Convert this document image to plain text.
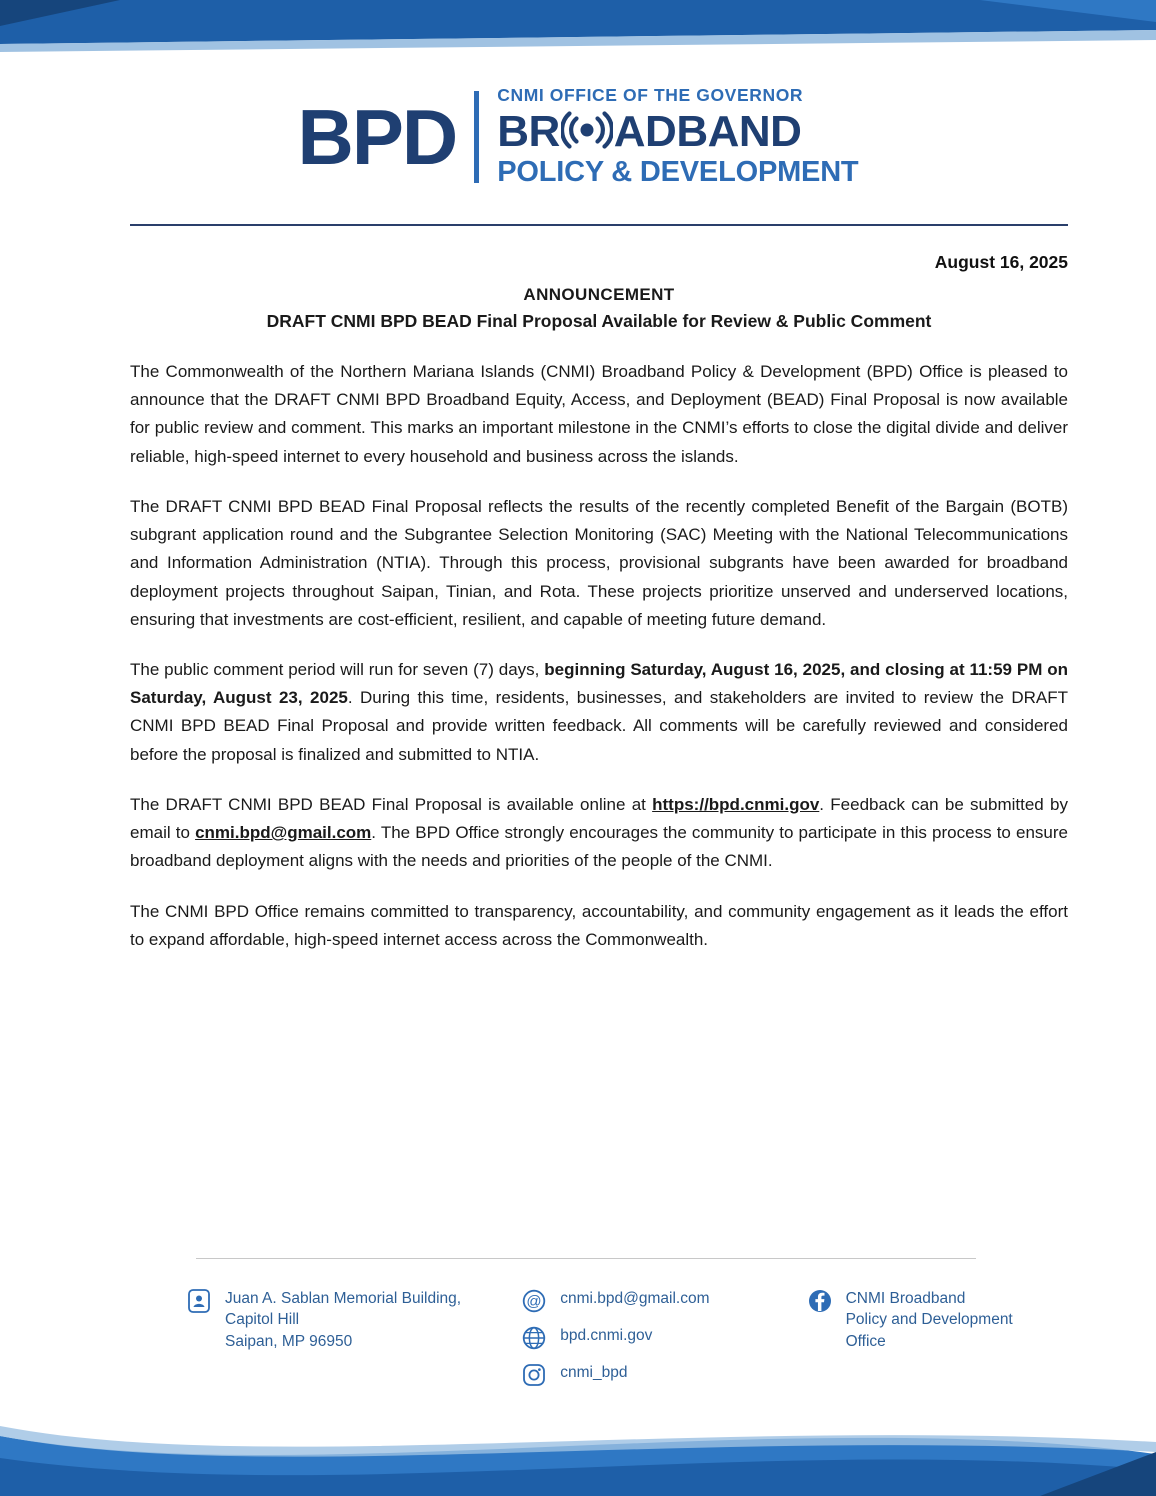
BPD CNMI OFFICE OF THE GOVERNOR
BR ADBAND
POLICY & DEVELOPMENT
August 16, 2025
ANNOUNCEMENT
DRAFT CNMI BPD BEAD Final Proposal Available for Review & Public Comment

The Commonwealth of the Northern Mariana Islands (CNMI) Broadband Policy & Development (BPD) Office is pleased to announce that the DRAFT CNMI BPD Broadband Equity, Access, and Deployment (BEAD) Final Proposal is now available for public review and comment. This marks an important milestone in the CNMI’s efforts to close the digital divide and deliver reliable, high-speed internet to every household and business across the islands.

The DRAFT CNMI BPD BEAD Final Proposal reflects the results of the recently completed Benefit of the Bargain (BOTB) subgrant application round and the Subgrantee Selection Monitoring (SAC) Meeting with the National Telecommunications and Information Administration (NTIA). Through this process, provisional subgrants have been awarded for broadband deployment projects throughout Saipan, Tinian, and Rota. These projects prioritize unserved and underserved locations, ensuring that investments are cost-efficient, resilient, and capable of meeting future demand.

The public comment period will run for seven (7) days, beginning Saturday, August 16, 2025, and closing at 11:59 PM on Saturday, August 23, 2025. During this time, residents, businesses, and stakeholders are invited to review the DRAFT CNMI BPD BEAD Final Proposal and provide written feedback. All comments will be carefully reviewed and considered before the proposal is finalized and submitted to NTIA.

The DRAFT CNMI BPD BEAD Final Proposal is available online at https://bpd.cnmi.gov. Feedback can be submitted by email to cnmi.bpd@gmail.com. The BPD Office strongly encourages the community to participate in this process to ensure broadband deployment aligns with the needs and priorities of the people of the CNMI.

The CNMI BPD Office remains committed to transparency, accountability, and community engagement as it leads the effort to expand affordable, high-speed internet access across the Commonwealth.

Juan A. Sablan Memorial Building,
Capitol Hill
Saipan, MP 96950
@ cnmi.bpd@gmail.com
bpd.cnmi.gov
cnmi_bpd
CNMI Broadband
Policy and Development
Office
